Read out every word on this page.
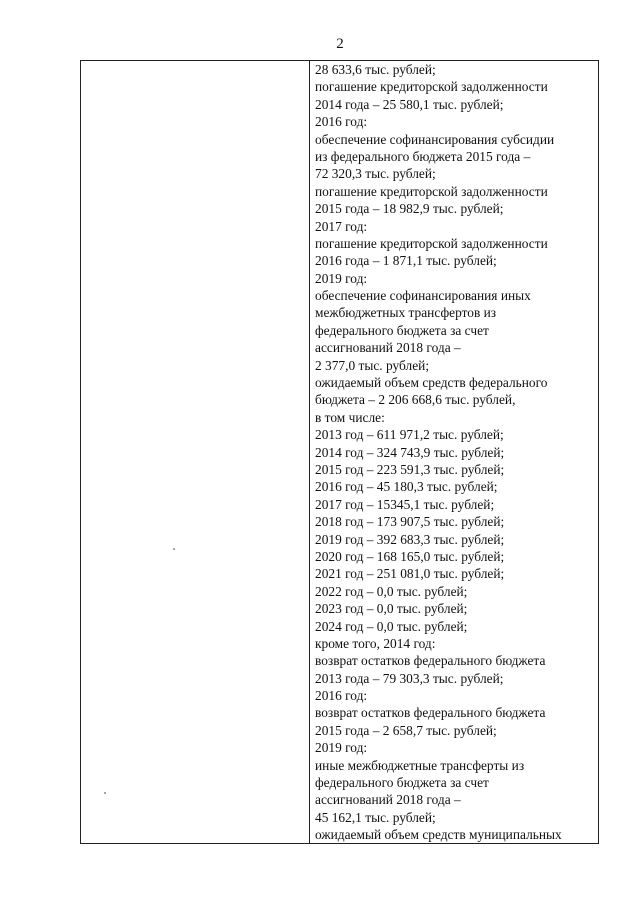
2
28 633,6 тыс. рублей;
погашение кредиторской задолженности
2014 года – 25 580,1 тыс. рублей;
2016 год:
обеспечение софинансирования субсидии
из федерального бюджета 2015 года –
72 320,3 тыс. рублей;
погашение кредиторской задолженности
2015 года – 18 982,9 тыс. рублей;
2017 год:
погашение кредиторской задолженности
2016 года – 1 871,1 тыс. рублей;
2019 год:
обеспечение софинансирования иных
межбюджетных трансфертов из
федерального бюджета за счет
ассигнований 2018 года –
2 377,0 тыс. рублей;
ожидаемый объем средств федерального
бюджета – 2 206 668,6 тыс. рублей,
в том числе:
2013 год – 611 971,2 тыс. рублей;
2014 год – 324 743,9 тыс. рублей;
2015 год – 223 591,3 тыс. рублей;
2016 год – 45 180,3 тыс. рублей;
2017 год – 15345,1 тыс. рублей;
2018 год – 173 907,5 тыс. рублей;
2019 год – 392 683,3 тыс. рублей;
2020 год – 168 165,0 тыс. рублей;
2021 год – 251 081,0 тыс. рублей;
2022 год – 0,0 тыс. рублей;
2023 год – 0,0 тыс. рублей;
2024 год – 0,0 тыс. рублей;
кроме того, 2014 год:
возврат остатков федерального бюджета
2013 года – 79 303,3 тыс. рублей;
2016 год:
возврат остатков федерального бюджета
2015 года – 2 658,7 тыс. рублей;
2019 год:
иные межбюджетные трансферты из
федерального бюджета за счет
ассигнований 2018 года –
45 162,1 тыс. рублей;
ожидаемый объем средств муниципальных
